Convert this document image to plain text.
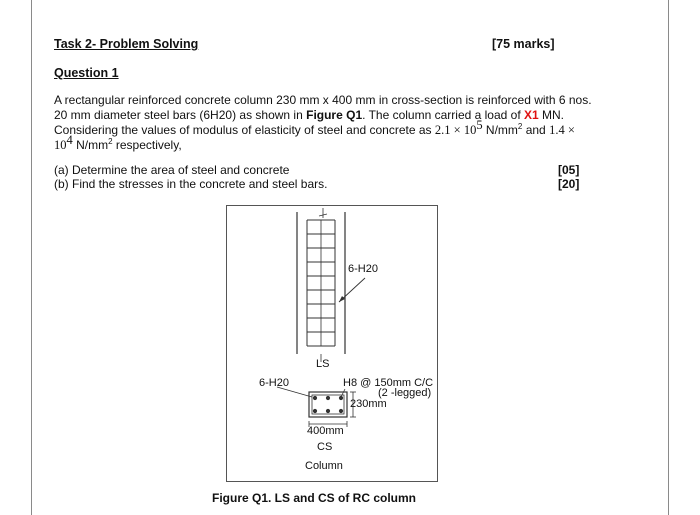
Task 2- Problem Solving	[75 marks]
Question 1
A rectangular reinforced concrete column 230 mm x 400 mm in cross-section is reinforced with 6 nos. 20 mm diameter steel bars (6H20) as shown in Figure Q1. The column carried a load of X1 MN. Considering the values of modulus of elasticity of steel and concrete as $2.1 \times 10^5$ $N/mm^2$ and $1.4 \times 10^4$ $N/mm^2$ respectively,
(a) Determine the area of steel and concrete	[05]
(b) Find the stresses in the concrete and steel bars.	[20]
6-H20
LS
6-H20	H8 @ 150mm C/C
(2 -legged)
230mm
400mm
CS
Column
Figure Q1. LS and CS of RC column
